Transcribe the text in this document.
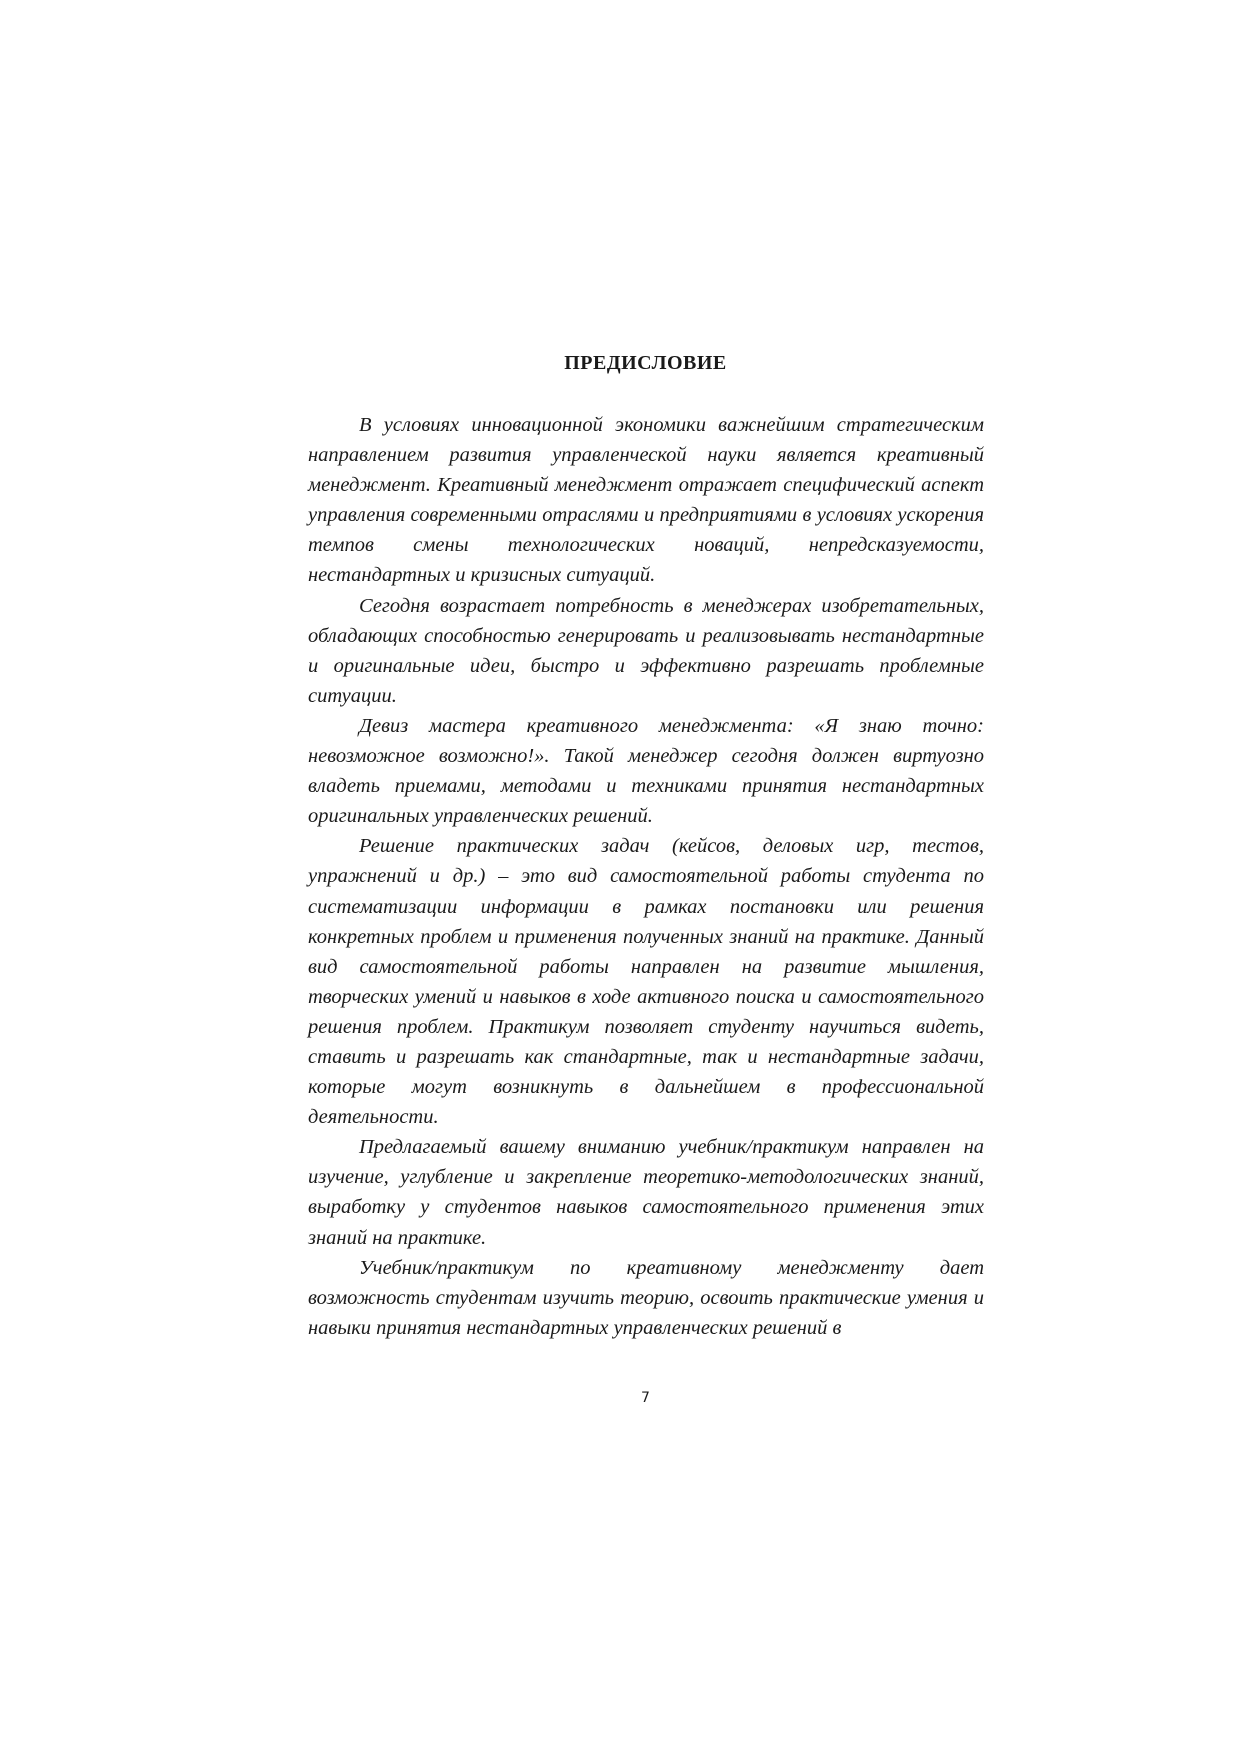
ПРЕДИСЛОВИЕ

В условиях инновационной экономики важнейшим стратегическим направлением развития управленческой науки является креативный менеджмент. Креативный менеджмент отражает специфический аспект управления современными отраслями и предприятиями в условиях ускорения темпов смены технологических новаций, непредсказуемости, нестандартных и кризисных ситуаций.

Сегодня возрастает потребность в менеджерах изобретательных, обладающих способностью генерировать и реализовывать нестандартные и оригинальные идеи, быстро и эффективно разрешать проблемные ситуации.

Девиз мастера креативного менеджмента: «Я знаю точно: невозможное возможно!». Такой менеджер сегодня должен виртуозно владеть приемами, методами и техниками принятия нестандартных оригинальных управленческих решений.

Решение практических задач (кейсов, деловых игр, тестов, упражнений и др.) – это вид самостоятельной работы студента по систематизации информации в рамках постановки или решения конкретных проблем и применения полученных знаний на практике. Данный вид самостоятельной работы направлен на развитие мышления, творческих умений и навыков в ходе активного поиска и самостоятельного решения проблем. Практикум позволяет студенту научиться видеть, ставить и разрешать как стандартные, так и нестандартные задачи, которые могут возникнуть в дальнейшем в профессиональной деятельности.

Предлагаемый вашему вниманию учебник/практикум направлен на изучение, углубление и закрепление теоретико-методологических знаний, выработку у студентов навыков самостоятельного применения этих знаний на практике.

Учебник/практикум по креативному менеджменту дает возможность студентам изучить теорию, освоить практические умения и навыки принятия нестандартных управленческих решений в

7
